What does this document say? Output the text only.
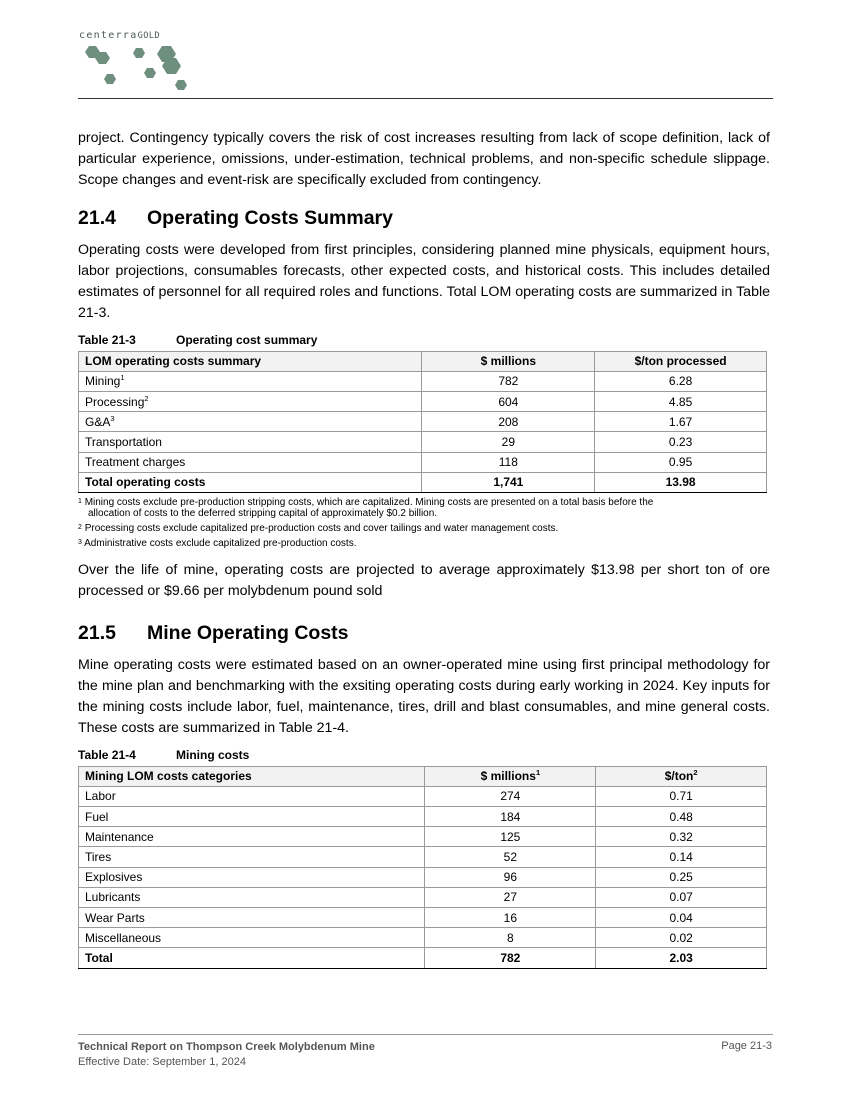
centerraGOLD

project. Contingency typically covers the risk of cost increases resulting from lack of scope definition, lack of particular experience, omissions, under-estimation, technical problems, and non-specific schedule slippage. Scope changes and event-risk are specifically excluded from contingency.

21.4 Operating Costs Summary

Operating costs were developed from first principles, considering planned mine physicals, equipment hours, labor projections, consumables forecasts, other expected costs, and historical costs. This includes detailed estimates of personnel for all required roles and functions. Total LOM operating costs are summarized in Table 21-3.

Table 21-3	Operating cost summary
LOM operating costs summary	$ millions	$/ton processed
Mining$^1$	782	6.28
Processing$^2$	604	4.85
$G\&A^3$	208	1.67
Transportation	29	0.23
Treatment charges	118	0.95
Total operating costs	1,741	13.98
$^1$ Mining costs exclude pre-production stripping costs, which are capitalized. Mining costs are presented on a total basis before the
allocation of costs to the deferred stripping capital of approximately $0.2 billion.
$^2$ Processing costs exclude capitalized pre-production costs and cover tailings and water management costs.
$^3$ Administrative costs exclude capitalized pre-production costs.

Over the life of mine, operating costs are projected to average approximately $13.98 per short ton of ore processed or $9.66 per molybdenum pound sold

21.5 Mine Operating Costs

Mine operating costs were estimated based on an owner-operated mine using first principal methodology for the mine plan and benchmarking with the exsiting operating costs during early working in 2024. Key inputs for the mining costs include labor, fuel, maintenance, tires, drill and blast consumables, and mine general costs. These costs are summarized in Table 21-4.

Table 21-4	Mining costs
Mining LOM costs categories	$ millions$^1$	$/ton$^2$
Labor	274	0.71
Fuel	184	0.48
Maintenance	125	0.32
Tires	52	0.14
Explosives	96	0.25
Lubricants	27	0.07
Wear Parts	16	0.04
Miscellaneous	8	0.02
Total	782	2.03
Technical Report on Thompson Creek Molybdenum Mine
Effective Date: September 1, 2024
Page 21-3
